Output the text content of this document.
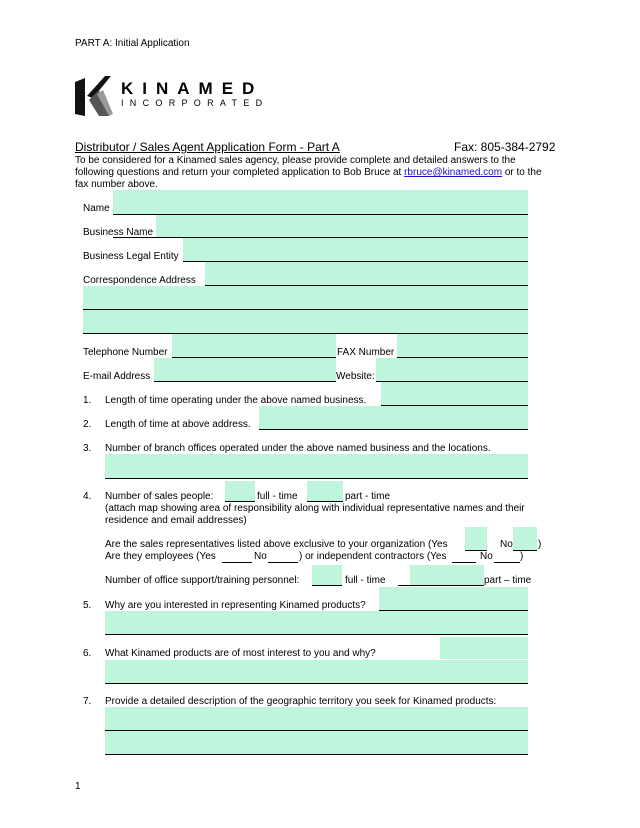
PART A: Initial Application
KINAMED
INCORPORATED
Distributor / Sales Agent Application Form - Part A	Fax: 805-384-2792
To be considered for a Kinamed sales agency, please provide complete and detailed answers to the
following questions and return your completed application to Bob Bruce at rbruce@kinamed.com or to the
fax number above.
Name
Business Name
Business Legal Entity
Correspondence Address
Telephone Number	FAX Number
E-mail Address	Website:
1. Length of time operating under the above named business.
2. Length of time at above address.
3. Number of branch offices operated under the above named business and the locations.
4. Number of sales people:	full - time	part - time
(attach map showing area of responsibility along with individual representative names and their
residence and email addresses)
Are the sales representatives listed above exclusive to your organization (Yes	No	)
Are they employees (Yes	No	) or independent contractors (Yes	No	)
Number of office support/training personnel:	full - time	part – time
5. Why are you interested in representing Kinamed products?
6. What Kinamed products are of most interest to you and why?
7. Provide a detailed description of the geographic territory you seek for Kinamed products:
1
